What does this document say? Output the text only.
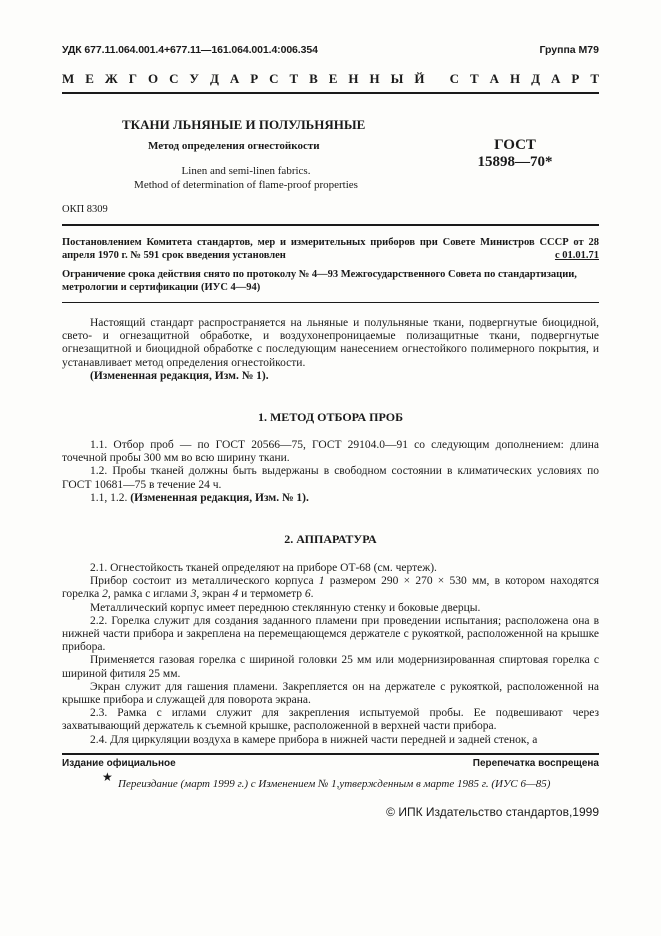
УДК 677.11.064.001.4+677.11—161.064.001.4:006.354	Группа М79
М Е Ж Г О С У Д А Р С Т В Е Н Н Ы Й
С Т А Н Д А Р Т
ТКАНИ ЛЬНЯНЫЕ И ПОЛУЛЬНЯНЫЕ
Метод определения огнестойкости
Linen and semi-linen fabrics.
Method of determination of flame-proof properties
ГОСТ
15898—70*
ОКП 8309
Постановлением Комитета стандартов, мер и измерительных приборов при Совете Министров СССР от 28 апреля 1970 г. № 591 срок введения установлен	с 01.01.71
Ограничение срока действия снято по протоколу № 4—93 Межгосударственного Совета по стандартизации, метрологии и сертификации (ИУС 4—94)

Настоящий стандарт распространяется на льняные и полульняные ткани, подвергнутые биоцидной, свето- и огнезащитной обработке, и воздухонепроницаемые полизащитные ткани, подвергнутые огнезащитной и биоцидной обработке с последующим нанесением огнестойкого полимерного покрытия, и устанавливает метод определения огнестойкости.

(Измененная редакция, Изм. № 1).

1. МЕТОД ОТБОРА ПРОБ

1.1. Отбор проб — по ГОСТ 20566—75, ГОСТ 29104.0—91 со следующим дополнением: длина точечной пробы 300 мм во всю ширину ткани.

1.2. Пробы тканей должны быть выдержаны в свободном состоянии в климатических условиях по ГОСТ 10681—75 в течение 24 ч.

1.1, 1.2. (Измененная редакция, Изм. № 1).

2. АППАРАТУРА

2.1. Огнестойкость тканей определяют на приборе ОТ-68 (см. чертеж).

Прибор состоит из металлического корпуса 1 размером 290 × 270 × 530 мм, в котором находятся горелка 2, рамка с иглами 3, экран 4 и термометр 6.

Металлический корпус имеет переднюю стеклянную стенку и боковые дверцы.

2.2. Горелка служит для создания заданного пламени при проведении испытания; расположена она в нижней части прибора и закреплена на перемещающемся держателе с рукояткой, расположенной на крышке прибора.

Применяется газовая горелка с шириной головки 25 мм или модернизированная спиртовая горелка с шириной фитиля 25 мм.

Экран служит для гашения пламени. Закрепляется он на держателе с рукояткой, расположенной на крышке прибора и служащей для поворота экрана.

2.3. Рамка с иглами служит для закрепления испытуемой пробы. Ее подвешивают через захватывающий держатель к съемной крышке, расположенной в верхней части прибора.

2.4. Для циркуляции воздуха в камере прибора в нижней части передней и задней стенок, а

Издание официальное	Перепечатка воспрещена
★ Переиздание (март 1999 г.) с Изменением № 1,утвержденным в марте 1985 г. (ИУС 6—85)
© ИПК Издательство стандартов,1999
